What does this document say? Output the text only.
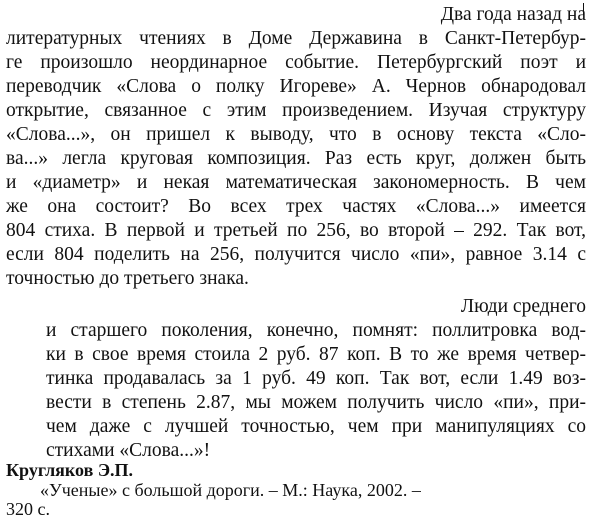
Два года назад на
литературных чтениях в Доме Державина в Санкт-Петербур-
ге произошло неординарное событие. Петербургский поэт и
переводчик «Слова о полку Игореве» А. Чернов обнародовал
открытие, связанное с этим произведением. Изучая структуру
«Слова...», он пришел к выводу, что в основу текста «Сло-
ва...» легла круговая композиция. Раз есть круг, должен быть
и «диаметр» и некая математическая закономерность. В чем
же она состоит? Во всех трех частях «Слова...» имеется
804 стиха. В первой и третьей по 256, во второй – 292. Так вот,
если 804 поделить на 256, получится число «пи», равное 3.14 с
точностью до третьего знака.
Люди среднего
и старшего поколения, конечно, помнят: поллитровка вод-
ки в свое время стоила 2 руб. 87 коп. В то же время четвер-
тинка продавалась за 1 руб. 49 коп. Так вот, если 1.49 воз-
вести в степень 2.87, мы можем получить число «пи», при-
чем даже с лучшей точностью, чем при манипуляциях со
стихами «Слова...»!
Кругляков Э.П.
«Ученые» с большой дороги. – М.: Наука, 2002. –
320 с.
